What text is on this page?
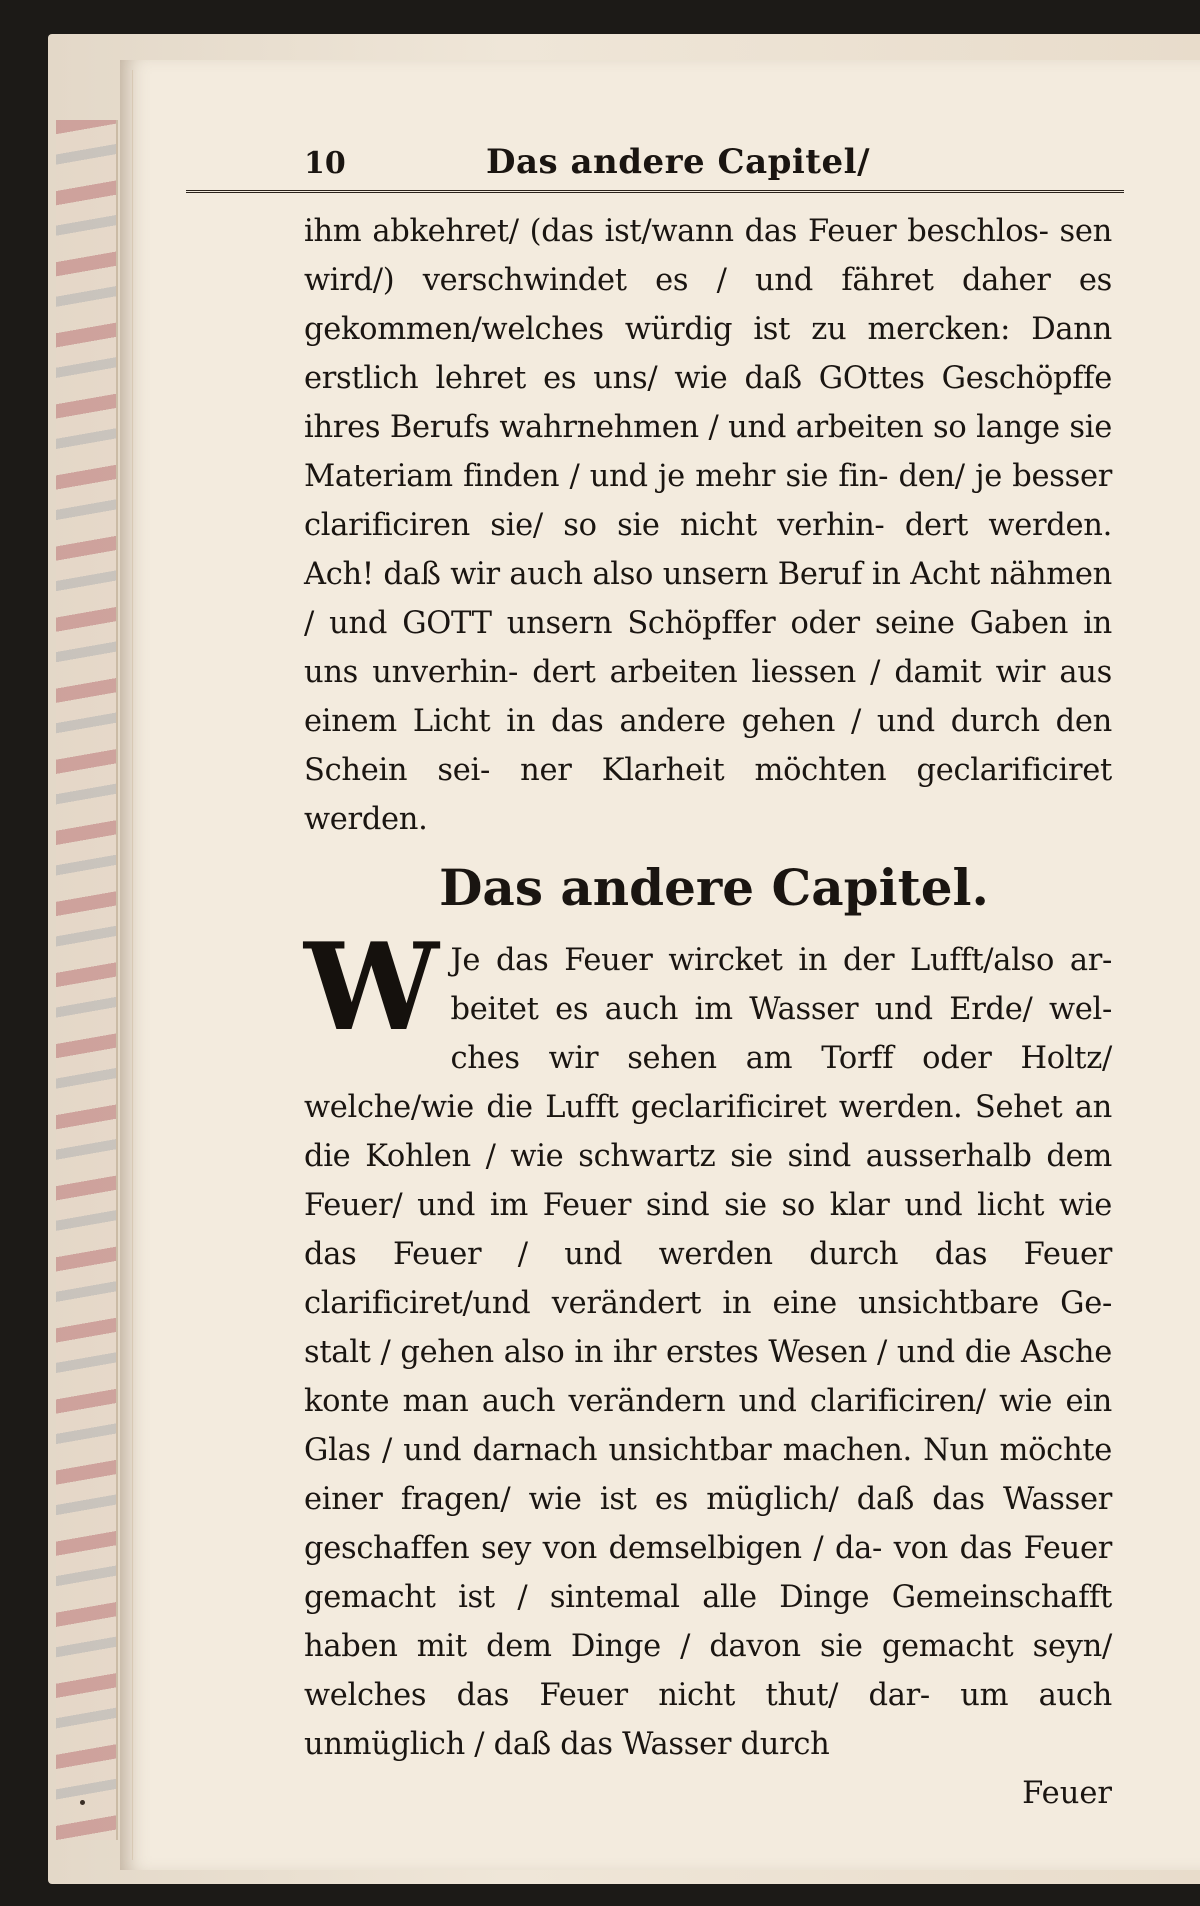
10	Das andere Capitel/

ihm abkehret/ (das ist/wann das Feuer beschlos- sen wird/) verschwindet es / und fähret daher es gekommen/welches würdig ist zu mercken: Dann erstlich lehret es uns/ wie daß GOttes Geschöpffe ihres Berufs wahrnehmen / und arbeiten so lange sie Materiam finden / und je mehr sie fin- den/ je besser clarificiren sie/ so sie nicht verhin- dert werden. Ach! daß wir auch also unsern Beruf in Acht nähmen / und GOTT unsern Schöpffer oder seine Gaben in uns unverhin- dert arbeiten liessen / damit wir aus einem Licht in das andere gehen / und durch den Schein sei- ner Klarheit möchten geclarificiret werden.

Das andere Capitel.
W Je das Feuer wircket in der Lufft/also ar- beitet es auch im Wasser und Erde/ wel- ches wir sehen am Torff oder Holtz/ welche/wie die Lufft geclarificiret werden. Sehet an die Kohlen / wie schwartz sie sind ausserhalb dem Feuer/ und im Feuer sind sie so klar und licht wie das Feuer / und werden durch das Feuer clarificiret/und verändert in eine unsichtbare Ge- stalt / gehen also in ihr erstes Wesen / und die Asche konte man auch verändern und clarificiren/ wie ein Glas / und darnach unsichtbar machen. Nun möchte einer fragen/ wie ist es müglich/ daß das Wasser geschaffen sey von demselbigen / da- von das Feuer gemacht ist / sintemal alle Dinge Gemeinschafft haben mit dem Dinge / davon sie gemacht seyn/ welches das Feuer nicht thut/ dar- um auch unmüglich / daß das Wasser durch

Feuer
